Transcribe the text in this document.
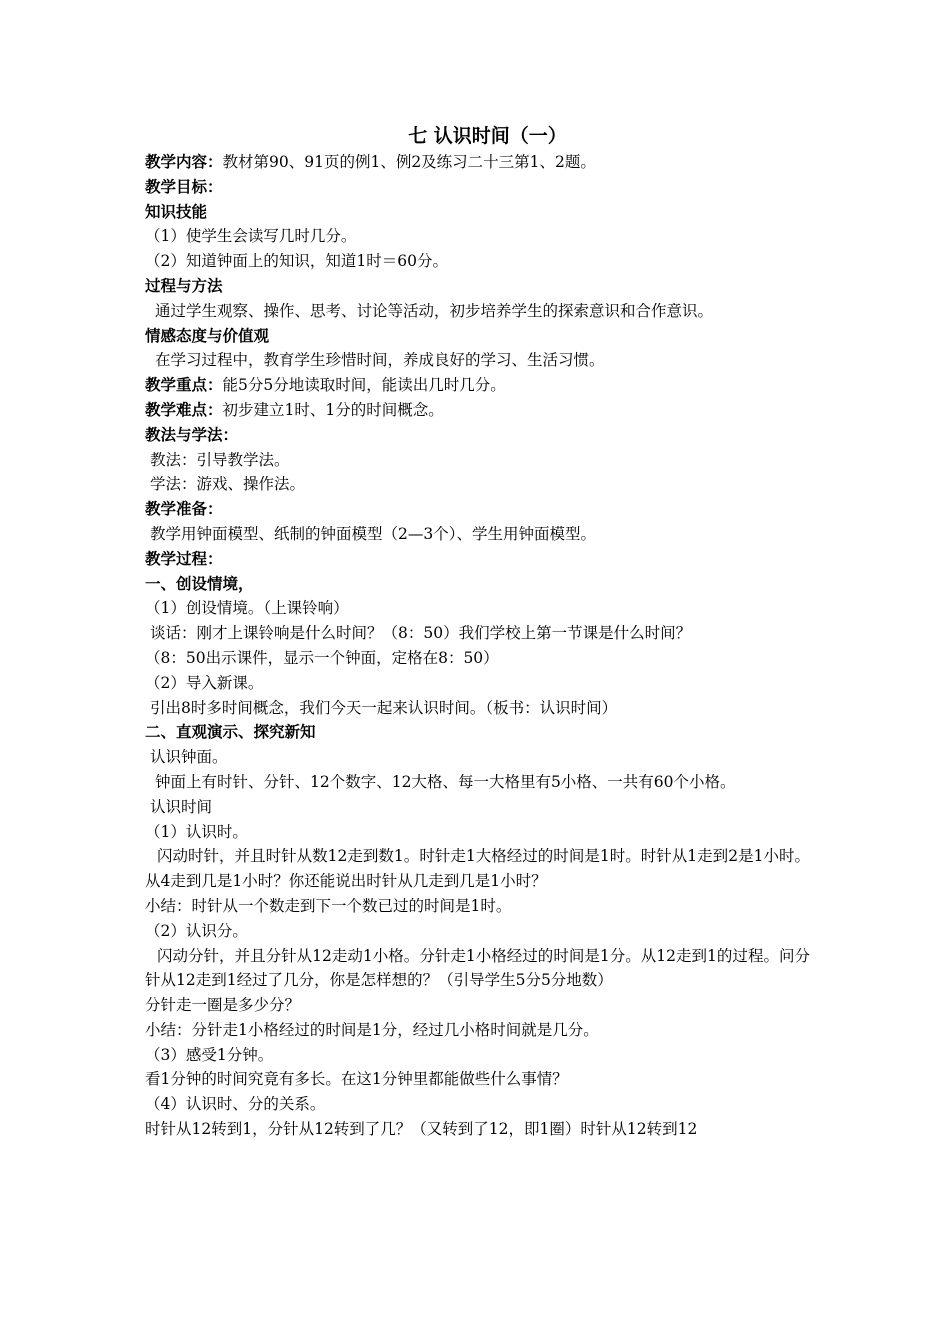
七 认识时间（一）
教学内容：教材第90、91页的例1、例2及练习二十三第1、2题。
教学目标：
知识技能
（1）使学生会读写几时几分。
（2）知道钟面上的知识，知道1时＝60分。
过程与方法
通过学生观察、操作、思考、讨论等活动，初步培养学生的探索意识和合作意识。
情感态度与价值观
在学习过程中，教育学生珍惜时间，养成良好的学习、生活习惯。
教学重点：能5分5分地读取时间，能读出几时几分。
教学难点：初步建立1时、1分的时间概念。
教法与学法：
教法：引导教学法。
学法：游戏、操作法。
教学准备：
教学用钟面模型、纸制的钟面模型（2—3个）、学生用钟面模型。
教学过程：
一、创设情境，
（1）创设情境。（上课铃响）
谈话：刚才上课铃响是什么时间？（8：50）我们学校上第一节课是什么时间？
（8：50出示课件，显示一个钟面，定格在8：50）
（2）导入新课。
引出8时多时间概念，我们今天一起来认识时间。（板书：认识时间）
二、直观演示、探究新知
认识钟面。
钟面上有时针、分针、12个数字、12大格、每一大格里有5小格、一共有60个小格。
认识时间
（1）认识时。
闪动时针，并且时针从数12走到数1。时针走1大格经过的时间是1时。时针从1走到2是1小时。从4走到几是1小时？你还能说出时针从几走到几是1小时？
小结：时针从一个数走到下一个数已过的时间是1时。
（2）认识分。
闪动分针，并且分针从12走动1小格。分针走1小格经过的时间是1分。从12走到1的过程。问分针从12走到1经过了几分，你是怎样想的？（引导学生5分5分地数）
分针走一圈是多少分？
小结：分针走1小格经过的时间是1分，经过几小格时间就是几分。
（3）感受1分钟。
看1分钟的时间究竟有多长。在这1分钟里都能做些什么事情？
（4）认识时、分的关系。
时针从12转到1，分针从12转到了几？（又转到了12，即1圈）时针从12转到12
